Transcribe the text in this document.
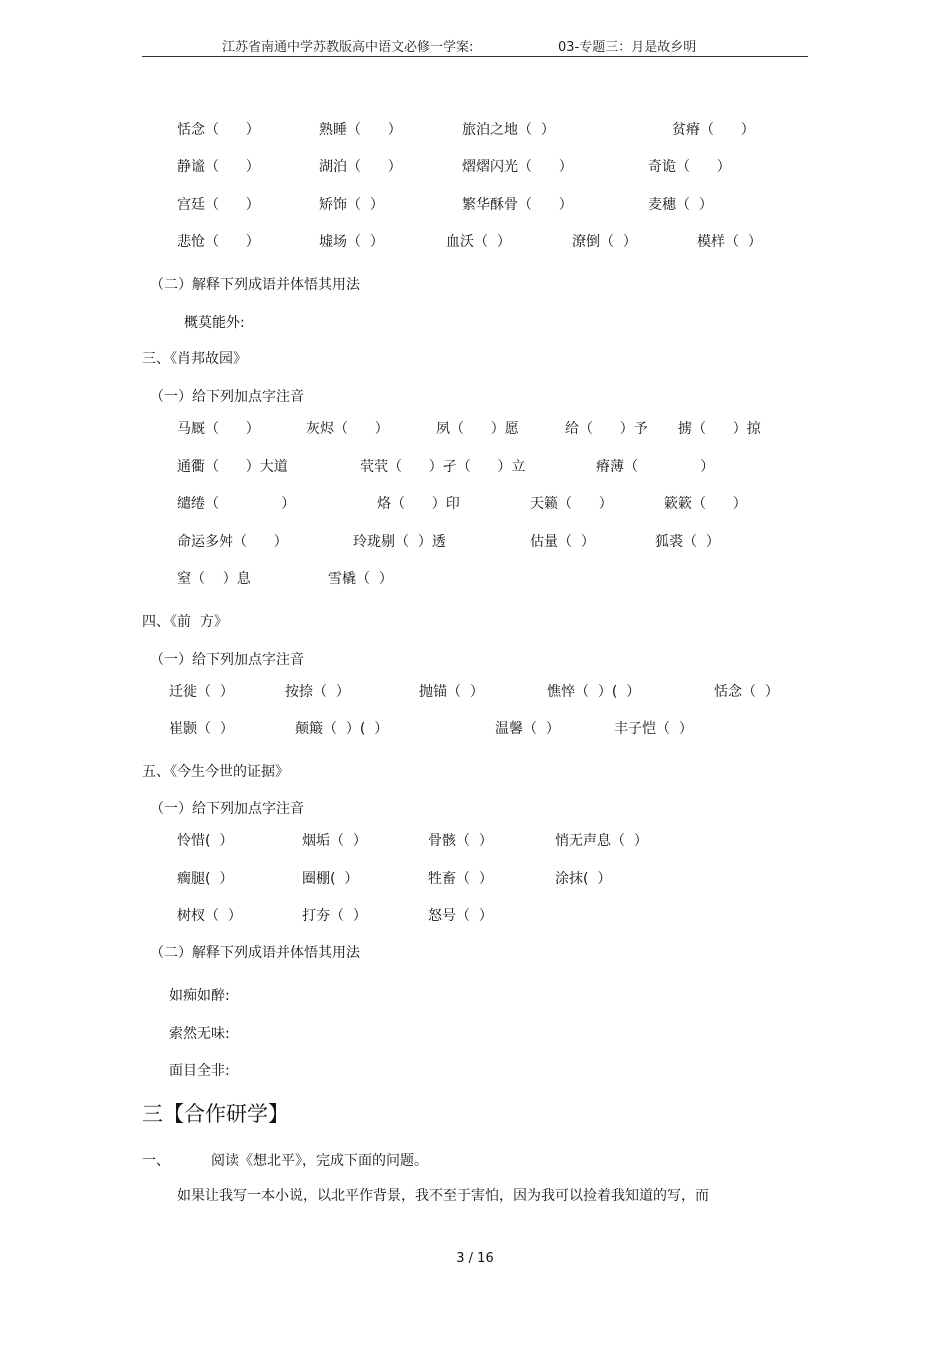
江苏省南通中学苏教版高中语文必修一学案:	03-专题三：月是故乡明
恬念（      ）	熟睡（      ）	旅泊之地（  ）	贫瘠（      ）
静谧（      ）	湖泊（      ）	熠熠闪光（      ）	奇诡（      ）
宫廷（      ）	矫饰（  ）	繁华酥骨（      ）	麦穗（  ）
悲怆（      ）	墟场（  ）	血沃（  ）	潦倒（  ）	模样（  ）
（二）解释下列成语并体悟其用法
概莫能外:
三、《肖邦故园》
（一）给下列加点字注音
马厩（      ）	灰烬（      ）	夙（      ）愿	给（      ）予 掳（      ）掠
通衢（      ）大道	茕茕（      ）孑（      ）立	瘠薄（              ）
缱绻（              ）	烙（      ）印	天籁（      ）	簌簌（      ）
命运多舛（      ）	玲珑剔（  ）透	估量（  ）	狐裘（  ）
窒（    ）息	雪橇（  ）
四、《前  方》
（一）给下列加点字注音
迁徙（  ）	按捺（  ）	抛锚（  ）	憔悴（  ）(  ）	恬念（  ）
崔颢（  ）	颠簸（  ）(  ）	温馨（  ）	丰子恺（  ）
五、《今生今世的证据》
（一）给下列加点字注音
怜惜(  ）	烟垢（  ）	骨骸（  ）	悄无声息（  ）
瘸腿(  ）	圈棚(  ）	牲畜（  ）	涂抹(  ）
树杈（  ）	打夯（  ）	怒号（  ）
（二）解释下列成语并体悟其用法
如痴如醉:
索然无味:
面目全非:
一、	阅读《想北平》，完成下面的问题。
如果让我写一本小说，以北平作背景，我不至于害怕，因为我可以捡着我知道的写，而
三【合作研学】
3 / 16
